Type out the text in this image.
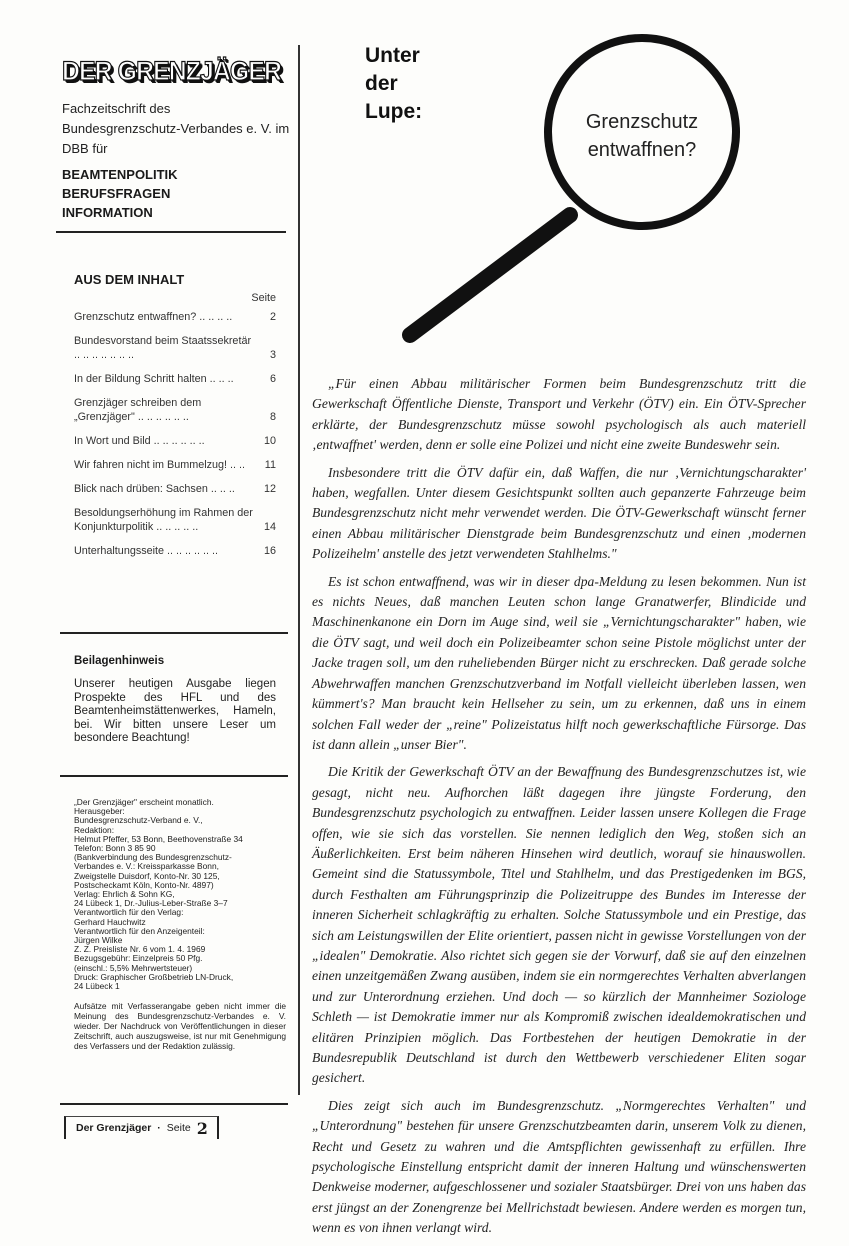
DER GRENZJÄGER
Fachzeitschrift des Bundesgrenzschutz-Verbandes e. V. im DBB für
BEAMTENPOLITIK
BERUFSFRAGEN
INFORMATION
AUS DEM INHALT
Seite
Grenzschutz entwaffnen? .. .. .. ..	2
Bundesvorstand beim Staatssekretär .. .. .. .. .. .. ..	3
In der Bildung Schritt halten .. .. ..	6
Grenzjäger schreiben dem „Grenzjäger" .. .. .. .. .. ..	8
In Wort und Bild .. .. .. .. .. ..	10
Wir fahren nicht im Bummelzug! .. ..	11
Blick nach drüben: Sachsen .. .. ..	12
Besoldungserhöhung im Rahmen der Konjunkturpolitik .. .. .. .. ..	14
Unterhaltungsseite .. .. .. .. .. ..	16
Beilagenhinweis
Unserer heutigen Ausgabe liegen Prospekte des HFL und des Beamtenheimstättenwerkes, Hameln, bei. Wir bitten unsere Leser um besondere Beachtung!
„Der Grenzjäger" erscheint monatlich.
Herausgeber:
Bundesgrenzschutz-Verband e. V.,
Redaktion:
Helmut Pfeffer, 53 Bonn, Beethovenstraße 34
Telefon: Bonn 3 85 90
(Bankverbindung des Bundesgrenzschutz-
Verbandes e. V.: Kreissparkasse Bonn,
Zweigstelle Duisdorf, Konto-Nr. 30 125,
Postscheckamt Köln, Konto-Nr. 4897)
Verlag: Ehrlich & Sohn KG,
24 Lübeck 1, Dr.-Julius-Leber-Straße 3–7
Verantwortlich für den Verlag:
Gerhard Hauchwitz
Verantwortlich für den Anzeigenteil:
Jürgen Wilke
Z. Z. Preisliste Nr. 6 vom 1. 4. 1969
Bezugsgebühr: Einzelpreis 50 Pfg.
(einschl.: 5,5% Mehrwertsteuer)
Druck: Graphischer Großbetrieb LN-Druck,
24 Lübeck 1
Aufsätze mit Verfasserangabe geben nicht immer die Meinung des Bundesgrenzschutz-Verbandes e. V. wieder. Der Nachdruck von Veröffentlichungen in dieser Zeitschrift, auch auszugsweise, ist nur mit Genehmigung des Verfassers und der Redaktion zulässig.
Der Grenzjäger · Seite 2
Unter
der
Lupe:	Grenzschutz
entwaffnen?

„Für einen Abbau militärischer Formen beim Bundesgrenzschutz tritt die Gewerkschaft Öffentliche Dienste, Transport und Verkehr (ÖTV) ein. Ein ÖTV-Sprecher erklärte, der Bundesgrenzschutz müsse sowohl psychologisch als auch materiell ‚entwaffnet' werden, denn er solle eine Polizei und nicht eine zweite Bundeswehr sein.

Insbesondere tritt die ÖTV dafür ein, daß Waffen, die nur ‚Vernichtungscharakter' haben, wegfallen. Unter diesem Gesichtspunkt sollten auch gepanzerte Fahrzeuge beim Bundesgrenzschutz nicht mehr verwendet werden. Die ÖTV-Gewerkschaft wünscht ferner einen Abbau militärischer Dienstgrade beim Bundesgrenzschutz und einen ‚modernen Polizeihelm' anstelle des jetzt verwendeten Stahlhelms."

Es ist schon entwaffnend, was wir in dieser dpa-Meldung zu lesen bekommen. Nun ist es nichts Neues, daß manchen Leuten schon lange Granatwerfer, Blindicide und Maschinenkanone ein Dorn im Auge sind, weil sie „Vernichtungscharakter" haben, wie die ÖTV sagt, und weil doch ein Polizeibeamter schon seine Pistole möglichst unter der Jacke tragen soll, um den ruheliebenden Bürger nicht zu erschrecken. Daß gerade solche Abwehrwaffen manchen Grenzschutzverband im Notfall vielleicht überleben lassen, wen kümmert's? Man braucht kein Hellseher zu sein, um zu erkennen, daß uns in einem solchen Fall weder der „reine" Polizeistatus hilft noch gewerkschaftliche Fürsorge. Das ist dann allein „unser Bier".

Die Kritik der Gewerkschaft ÖTV an der Bewaffnung des Bundesgrenzschutzes ist, wie gesagt, nicht neu. Aufhorchen läßt dagegen ihre jüngste Forderung, den Bundesgrenzschutz psychologich zu entwaffnen. Leider lassen unsere Kollegen die Frage offen, wie sie sich das vorstellen. Sie nennen lediglich den Weg, stoßen sich an Äußerlichkeiten. Erst beim näheren Hinsehen wird deutlich, worauf sie hinauswollen. Gemeint sind die Statussymbole, Titel und Stahlhelm, und das Prestigedenken im BGS, durch Festhalten am Führungsprinzip die Polizeitruppe des Bundes im Interesse der inneren Sicherheit schlagkräftig zu erhalten. Solche Statussymbole und ein Prestige, das sich am Leistungswillen der Elite orientiert, passen nicht in gewisse Vorstellungen von der „idealen" Demokratie. Also richtet sich gegen sie der Vorwurf, daß sie auf den einzelnen einen unzeitgemäßen Zwang ausüben, indem sie ein normgerechtes Verhalten abverlangen und zur Unterordnung erziehen. Und doch — so kürzlich der Mannheimer Soziologe Schleth — ist Demokratie immer nur als Kompromiß zwischen idealdemokratischen und elitären Prinzipien möglich. Das Fortbestehen der heutigen Demokratie in der Bundesrepublik Deutschland ist durch den Wettbewerb verschiedener Eliten sogar gesichert.

Dies zeigt sich auch im Bundesgrenzschutz. „Normgerechtes Verhalten" und „Unterordnung" bestehen für unsere Grenzschutzbeamten darin, unserem Volk zu dienen, Recht und Gesetz zu wahren und die Amtspflichten gewissenhaft zu erfüllen. Ihre psychologische Einstellung entspricht damit der inneren Haltung und wünschenswerten Denkweise moderner, aufgeschlossener und sozialer Staatsbürger. Drei von uns haben das erst jüngst an der Zonengrenze bei Mellrichstadt bewiesen. Andere werden es morgen tun, wenn es von ihnen verlangt wird.
